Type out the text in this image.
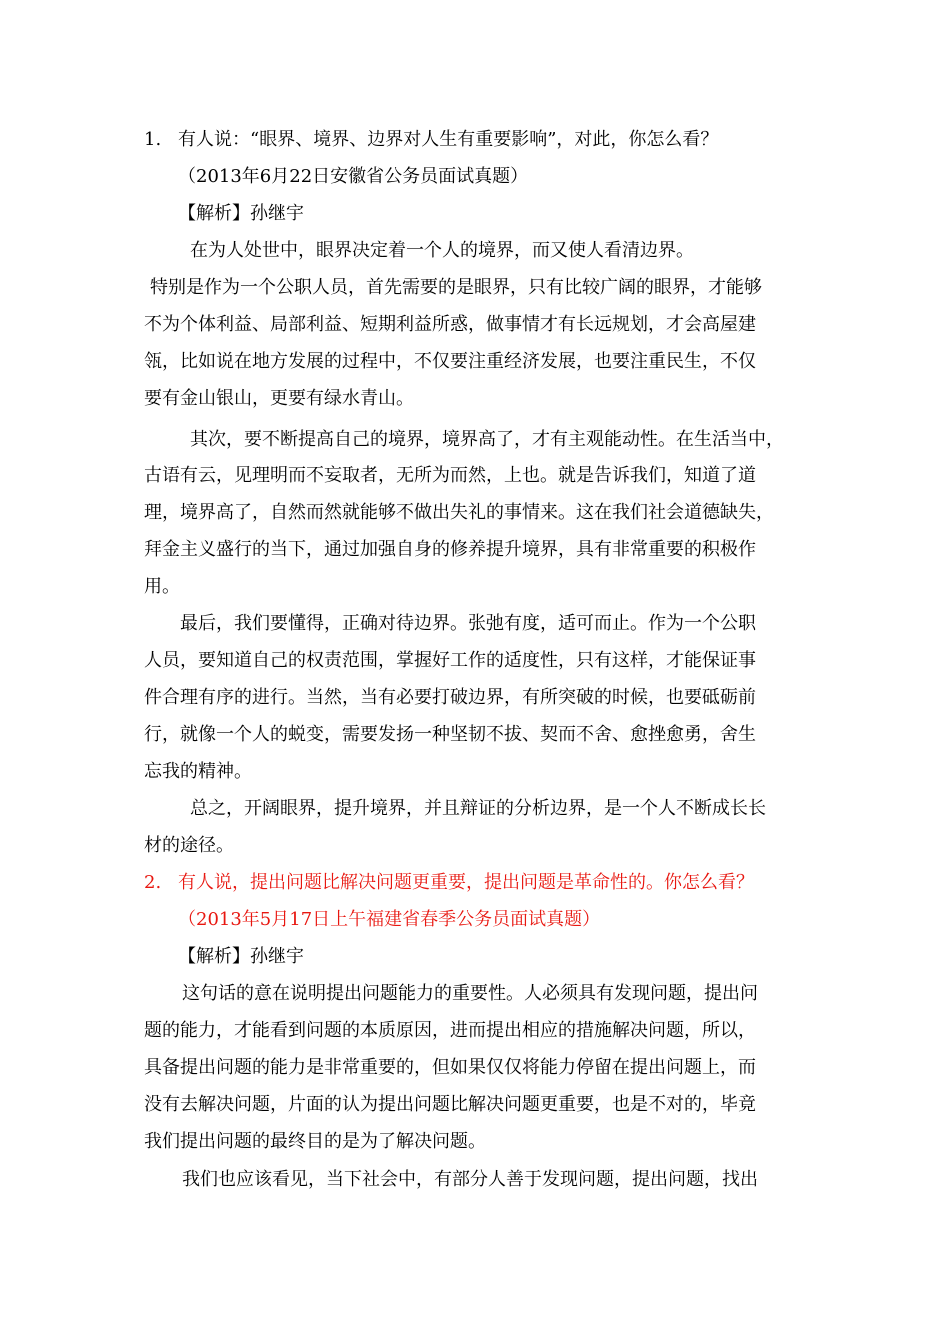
1. 有人说：“眼界、境界、边界对人生有重要影响”，对此，你怎么看？
（2013年6月22日安徽省公务员面试真题）
【解析】孙继宇
在为人处世中，眼界决定着一个人的境界，而又使人看清边界。
特别是作为一个公职人员，首先需要的是眼界，只有比较广阔的眼界，才能够
不为个体利益、局部利益、短期利益所惑，做事情才有长远规划，才会高屋建
瓴，比如说在地方发展的过程中，不仅要注重经济发展，也要注重民生，不仅
要有金山银山，更要有绿水青山。
其次，要不断提高自己的境界，境界高了，才有主观能动性。在生活当中，
古语有云，见理明而不妄取者，无所为而然，上也。就是告诉我们，知道了道
理，境界高了，自然而然就能够不做出失礼的事情来。这在我们社会道德缺失，
拜金主义盛行的当下，通过加强自身的修养提升境界，具有非常重要的积极作
用。
最后，我们要懂得，正确对待边界。张弛有度，适可而止。作为一个公职
人员，要知道自己的权责范围，掌握好工作的适度性，只有这样，才能保证事
件合理有序的进行。当然，当有必要打破边界，有所突破的时候，也要砥砺前
行，就像一个人的蜕变，需要发扬一种坚韧不拔、契而不舍、愈挫愈勇，舍生
忘我的精神。
总之，开阔眼界，提升境界，并且辩证的分析边界，是一个人不断成长长
材的途径。
2. 有人说，提出问题比解决问题更重要，提出问题是革命性的。你怎么看？
（2013年5月17日上午福建省春季公务员面试真题）
【解析】孙继宇
这句话的意在说明提出问题能力的重要性。人必须具有发现问题，提出问
题的能力，才能看到问题的本质原因，进而提出相应的措施解决问题，所以，
具备提出问题的能力是非常重要的，但如果仅仅将能力停留在提出问题上，而
没有去解决问题，片面的认为提出问题比解决问题更重要，也是不对的，毕竟
我们提出问题的最终目的是为了解决问题。
我们也应该看见，当下社会中，有部分人善于发现问题，提出问题，找出
